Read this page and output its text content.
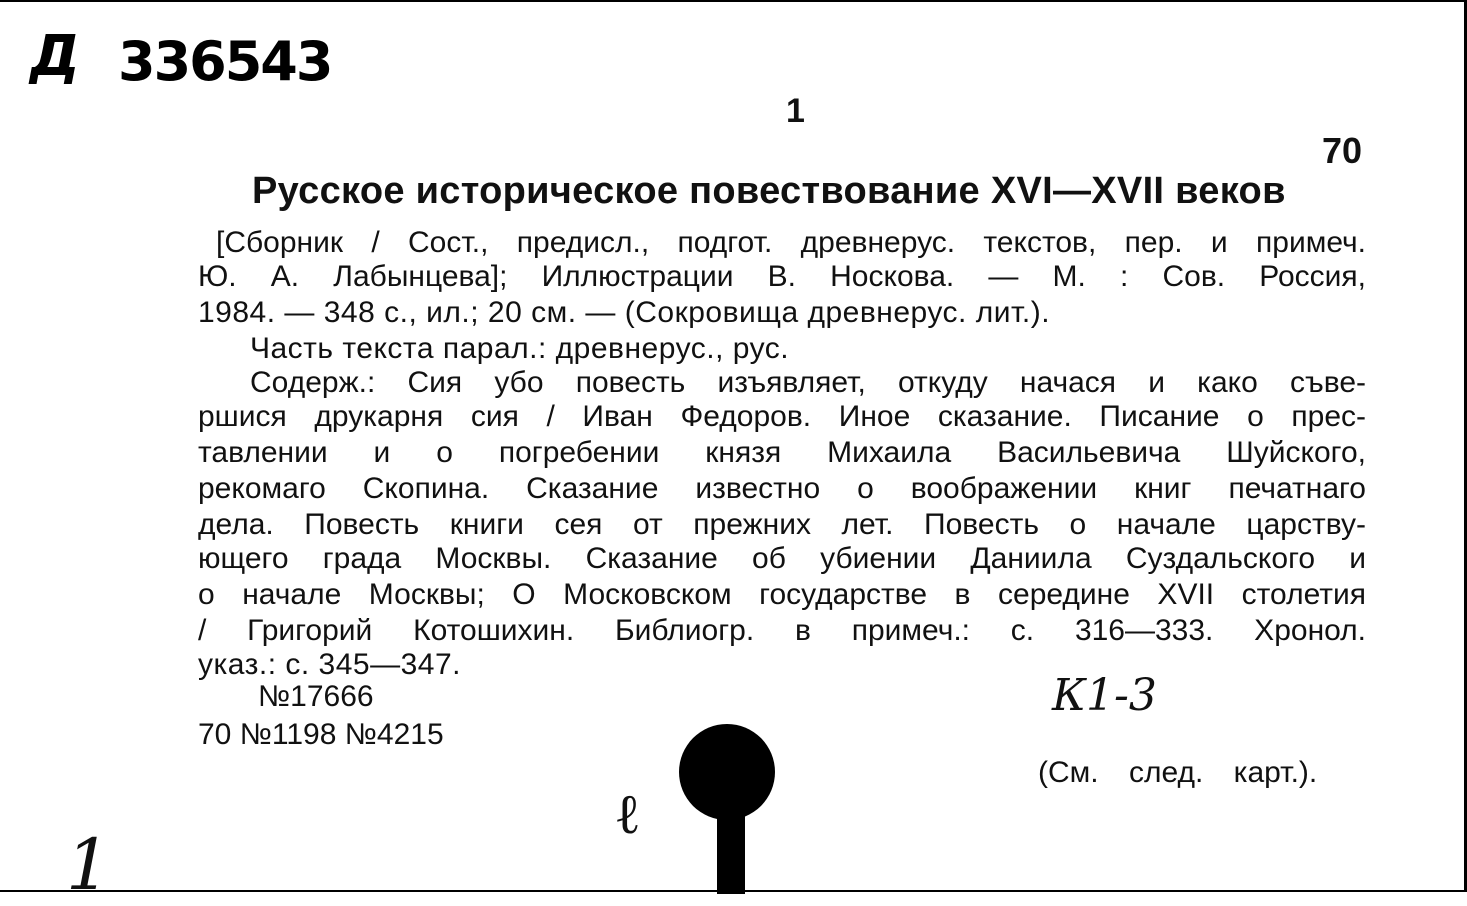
Д 336543
1
70
Русское историческое повествование XVI—XVII веков
[Сборник / Сост., предисл., подгот. древнерус. текстов, пер. и примеч.
Ю. А. Лабынцева]; Иллюстрации В. Носкова. — М. : Сов. Россия,
1984. — 348 с., ил.; 20 см. — (Сокровища древнерус. лит.).
Часть текста парал.: древнерус., рус.
Содерж.: Сия убо повесть изъявляет, откуду начася и како съве-
ршися друкарня сия / Иван Федоров. Иное сказание. Писание о прес-
тавлении и о погребении князя Михаила Васильевича Шуйского,
рекомаго Скопина. Сказание известно о воображении книг печатнаго
дела. Повесть книги сея от прежних лет. Повесть о начале царству-
ющего града Москвы. Сказание об убиении Даниила Суздальского и
о начале Москвы; О Московском государстве в середине XVII столетия
/ Григорий Котошихин. Библиогр. в примеч.: с. 316—333. Хронол.
указ.: с. 345—347.
№17666
70 №1198 №4215
К1-3
(См. след. карт.).
ℓ
1
